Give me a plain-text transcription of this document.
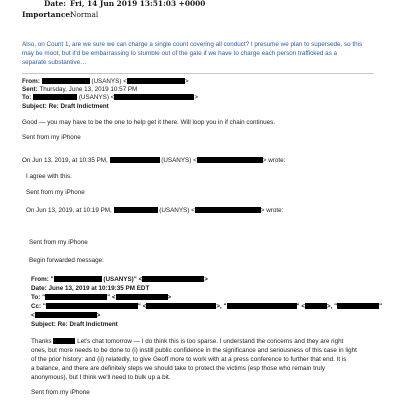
Date: Fri, 14 Jun 2019 13:51:03 +0000
Importance:Normal
Also, on Count 1, are we sure we can charge a single count covering all conduct? I presume we plan to supersede, so this
may be moot, but it'd be embarrassing to stumble out of the gate if we have to charge each person trafficked as a
separate substantive…
From:	(USANYS) <	>
Sent: Thursday, June 13, 2019 10:57 PM
To:	(USANYS) <	>
Subject: Re: Draft Indictment
Good — you may have to be the one to help get it there. Will loop you in if chain continues.
Sent from my iPhone
On Jun 13, 2019, at 10:35 PM,	(USANYS) <	> wrote:
I agree with this.
Sent from my iPhone
On Jun 13, 2019, at 10:19 PM,	(USANYS) <	> wrote:
Sent from my iPhone
Begin forwarded message:
From: "	(USANYS)" <	>
Date: June 13, 2019 at 10:19:35 PM EDT
To: "	" <	>
Cc: "	" <	>, "	" <	>, "	"
<	>
Subject: Re: Draft Indictment
Thanks	Let's chat tomorrow — I do think this is too sparse. I understand the concerns and they are right
ones, but more needs to be done to (i) instill public confidence in the significance and seriousness of this case in light
of the prior history: and (ii) relatedly, to give Geoff more to work with at a press conference to further that end. It is
a balance, and there are definitely steps we should take to protect the victims (esp those who remain truly
anonymous), but I think we'll need to bulk up a bit.
Sent from my iPhone
